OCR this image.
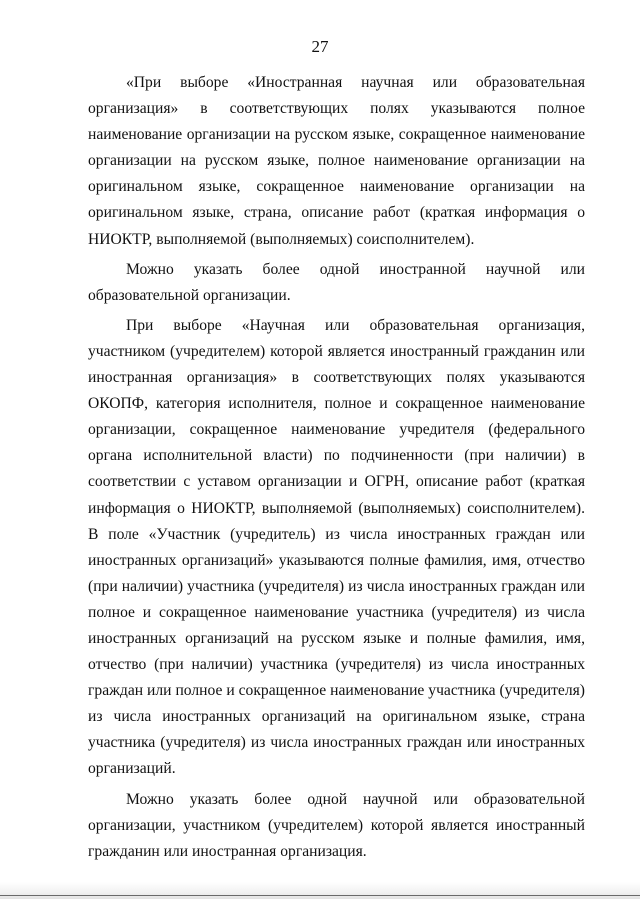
27

«При выборе «Иностранная научная или образовательная организация» в соответствующих полях указываются полное наименование организации на русском языке, сокращенное наименование организации на русском языке, полное наименование организации на оригинальном языке, сокращенное наименование организации на оригинальном языке, страна, описание работ (краткая информация о НИОКТР, выполняемой (выполняемых) соисполнителем).

Можно указать более одной иностранной научной или образовательной организации.

При выборе «Научная или образовательная организация, участником (учредителем) которой является иностранный гражданин или иностранная организация» в соответствующих полях указываются ОКОПФ, категория исполнителя, полное и сокращенное наименование организации, сокращенное наименование учредителя (федерального органа исполнительной власти) по подчиненности (при наличии) в соответствии с уставом организации и ОГРН, описание работ (краткая информация о НИОКТР, выполняемой (выполняемых) соисполнителем). В поле «Участник (учредитель) из числа иностранных граждан или иностранных организаций» указываются полные фамилия, имя, отчество (при наличии) участника (учредителя) из числа иностранных граждан или полное и сокращенное наименование участника (учредителя) из числа иностранных организаций на русском языке и полные фамилия, имя, отчество (при наличии) участника (учредителя) из числа иностранных граждан или полное и сокращенное наименование участника (учредителя) из числа иностранных организаций на оригинальном языке, страна участника (учредителя) из числа иностранных граждан или иностранных организаций.

Можно указать более одной научной или образовательной организации, участником (учредителем) которой является иностранный гражданин или иностранная организация.
